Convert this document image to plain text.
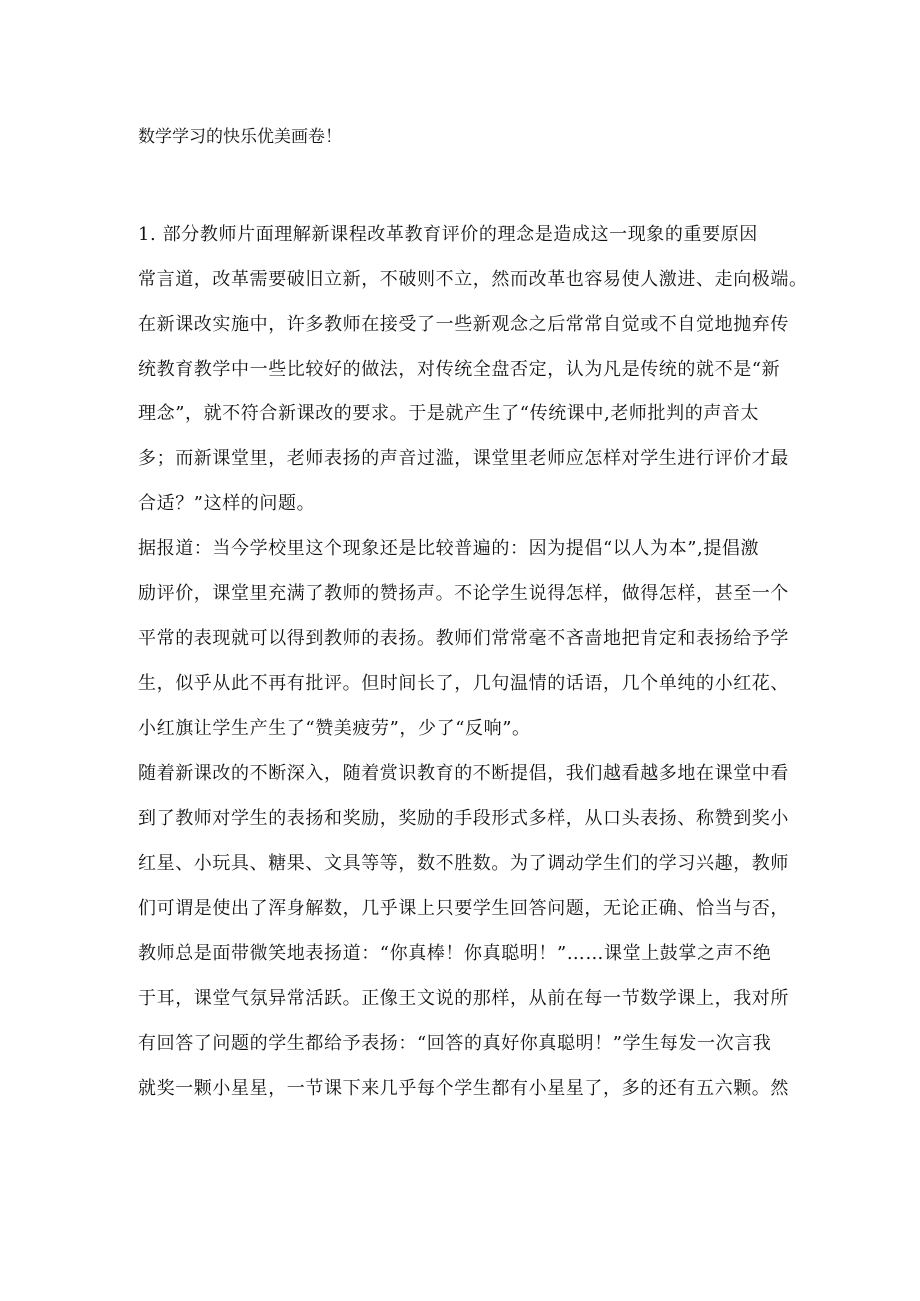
数学学习的快乐优美画卷！
1. 部分教师片面理解新课程改革教育评价的理念是造成这一现象的重要原因
常言道，改革需要破旧立新，不破则不立，然而改革也容易使人激进、走向极端。
在新课改实施中，许多教师在接受了一些新观念之后常常自觉或不自觉地抛弃传
统教育教学中一些比较好的做法，对传统全盘否定，认为凡是传统的就不是“新
理念”，就不符合新课改的要求。于是就产生了“传统课中,老师批判的声音太
多；而新课堂里，老师表扬的声音过滥，课堂里老师应怎样对学生进行评价才最
合适？”这样的问题。
据报道：当今学校里这个现象还是比较普遍的：因为提倡“以人为本”,提倡激
励评价，课堂里充满了教师的赞扬声。不论学生说得怎样，做得怎样，甚至一个
平常的表现就可以得到教师的表扬。教师们常常毫不吝啬地把肯定和表扬给予学
生，似乎从此不再有批评。但时间长了，几句温情的话语，几个单纯的小红花、
小红旗让学生产生了“赞美疲劳”，少了“反响”。
随着新课改的不断深入，随着赏识教育的不断提倡，我们越看越多地在课堂中看
到了教师对学生的表扬和奖励，奖励的手段形式多样，从口头表扬、称赞到奖小
红星、小玩具、糖果、文具等等，数不胜数。为了调动学生们的学习兴趣，教师
们可谓是使出了浑身解数，几乎课上只要学生回答问题，无论正确、恰当与否，
教师总是面带微笑地表扬道：“你真棒！你真聪明！”……课堂上鼓掌之声不绝
于耳，课堂气氛异常活跃。正像王文说的那样，从前在每一节数学课上，我对所
有回答了问题的学生都给予表扬：“回答的真好你真聪明！”学生每发一次言我
就奖一颗小星星，一节课下来几乎每个学生都有小星星了，多的还有五六颗。然
